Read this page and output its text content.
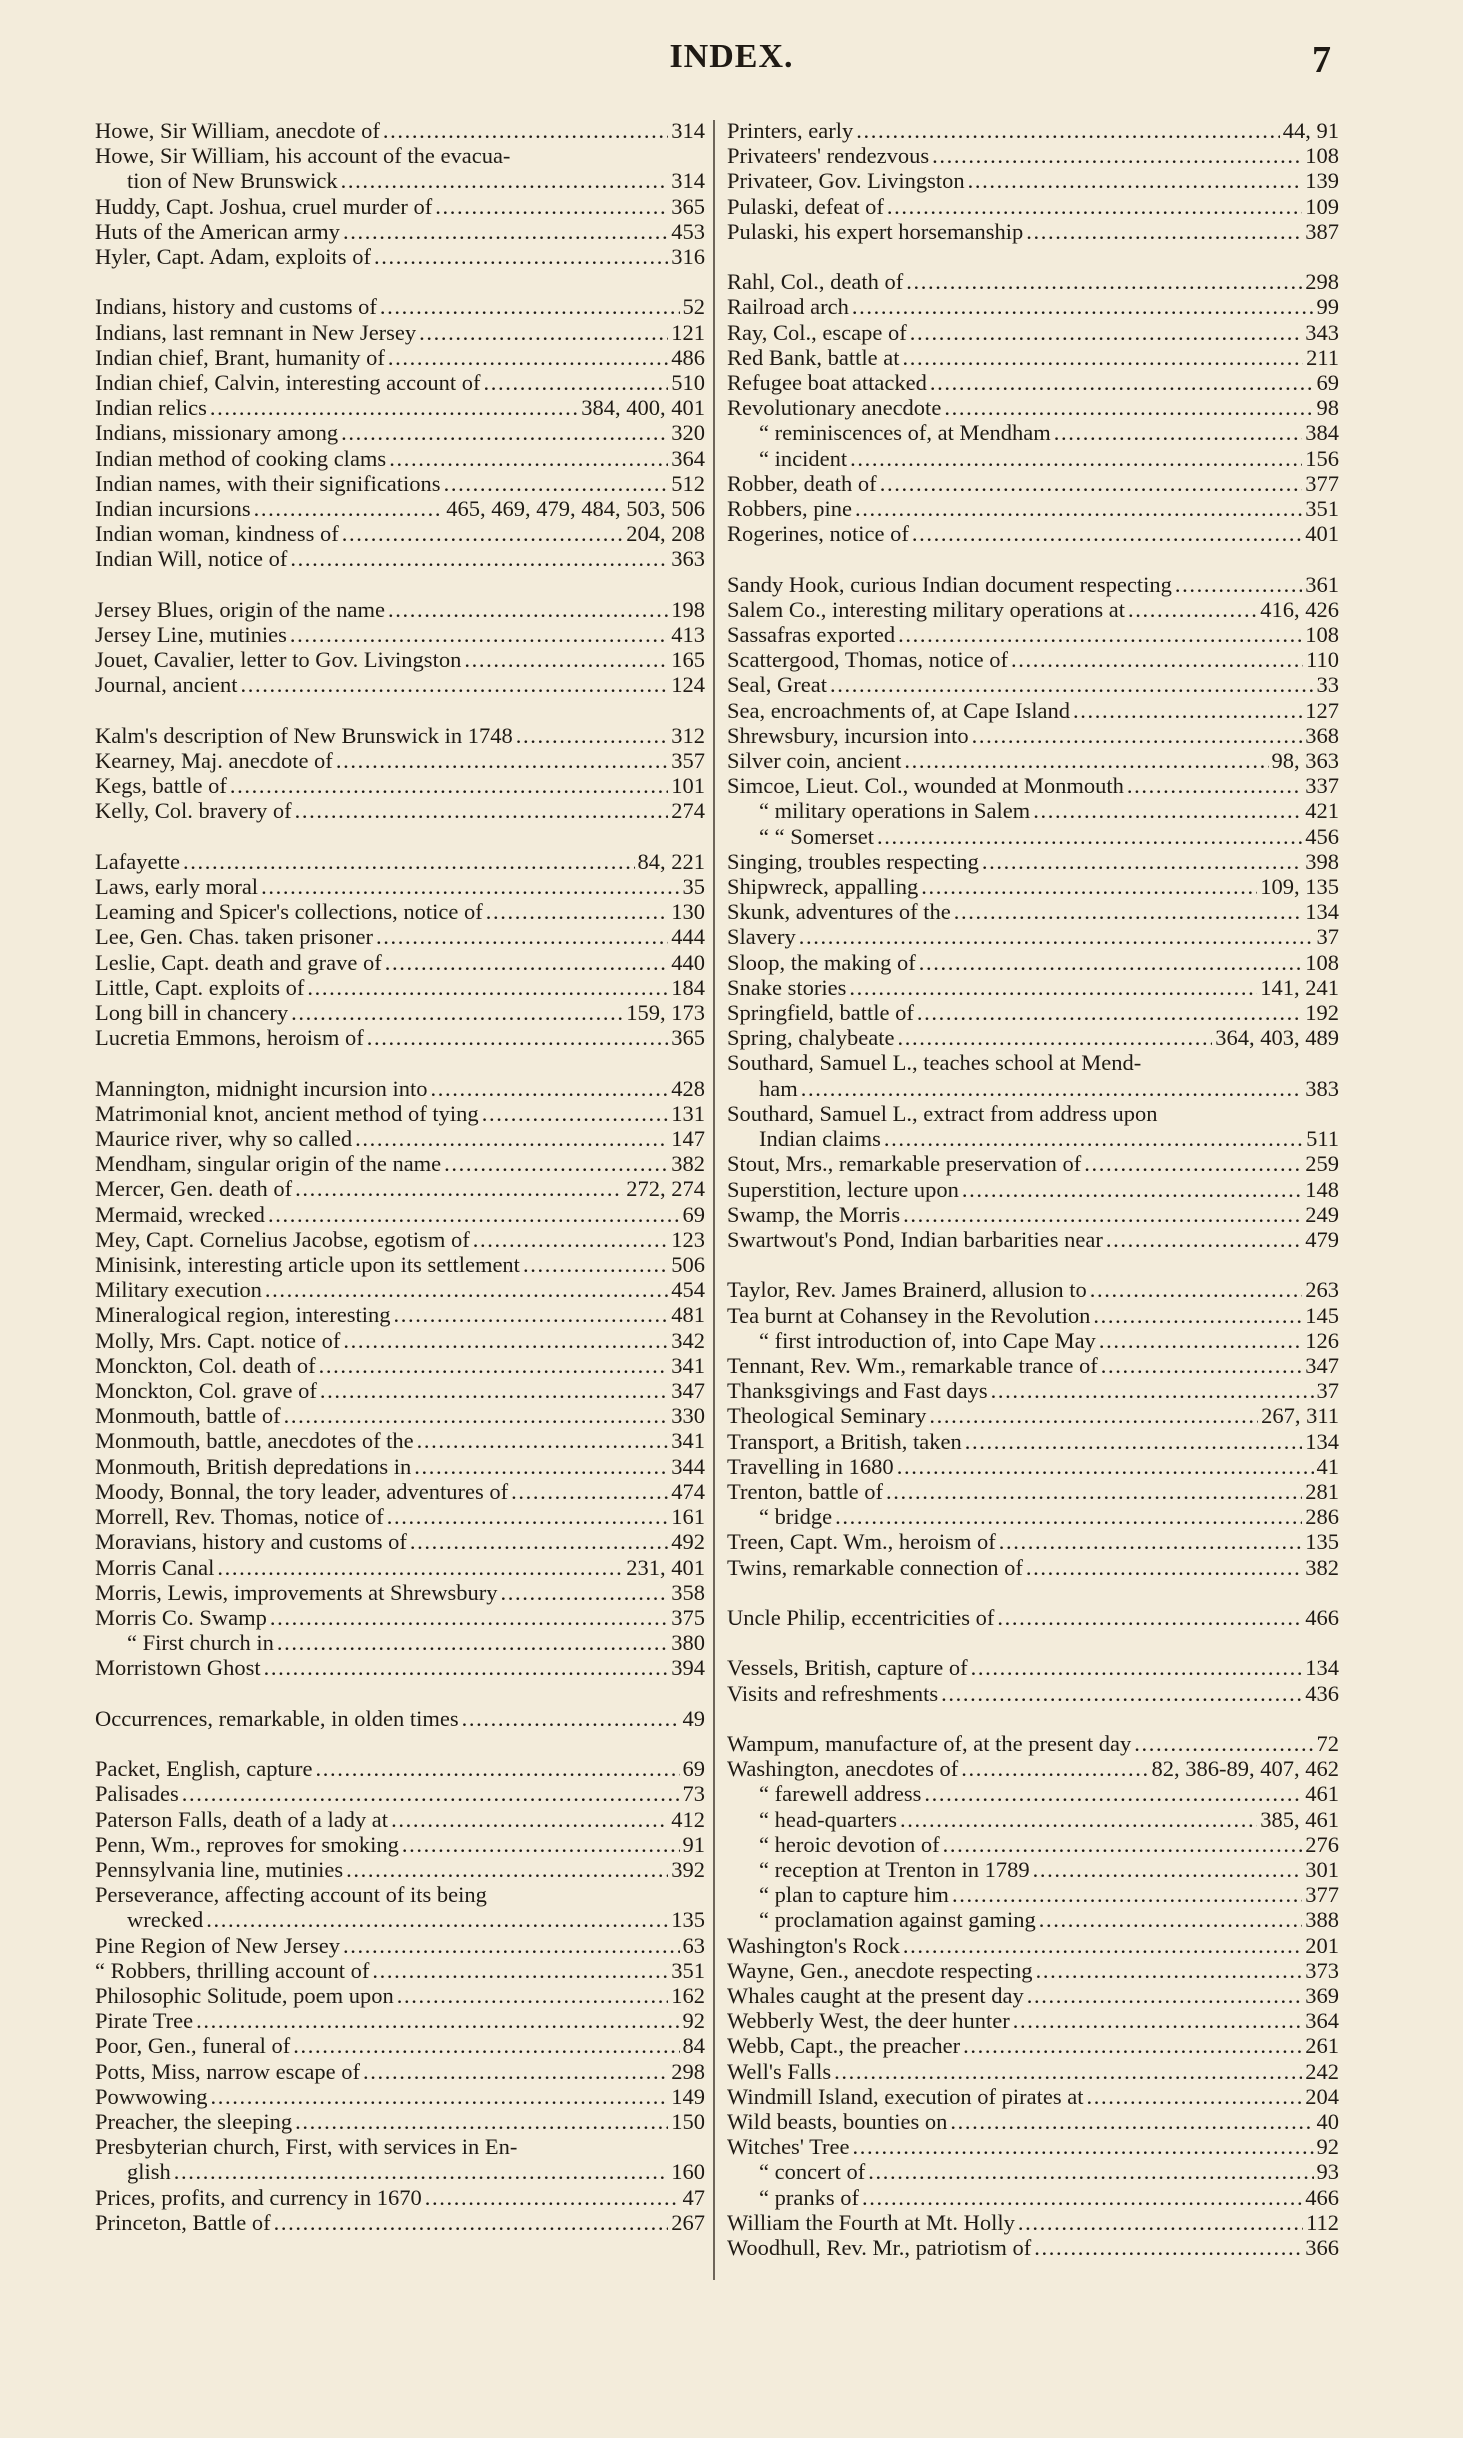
INDEX.	7
Howe, Sir William, anecdote of . . .	314
Howe, Sir William, his account of the evacua-
tion of New Brunswick . . .	314
Huddy, Capt. Joshua, cruel murder of . . .	365
Huts of the American army . . .	453
Hyler, Capt. Adam, exploits of . . .	316
Indians, history and customs of . . .	52
Indians, last remnant in New Jersey . . .	121
Indian chief, Brant, humanity of . . .	486
Indian chief, Calvin, interesting account of . . .	510
Indian relics . . .	384, 400, 401
Indians, missionary among . . .	320
Indian method of cooking clams . . .	364
Indian names, with their significations . . .	512
Indian incursions . . .	465, 469, 479, 484, 503, 506
Indian woman, kindness of . . .	204, 208
Indian Will, notice of . . .	363
Jersey Blues, origin of the name . . .	198
Jersey Line, mutinies . . .	413
Jouet, Cavalier, letter to Gov. Livingston . . .	165
Journal, ancient . . .	124
Kalm's description of New Brunswick in 1748 . . .	312
Kearney, Maj. anecdote of . . .	357
Kegs, battle of . . .	101
Kelly, Col. bravery of . . .	274
Lafayette . . .	84, 221
Laws, early moral . . .	35
Leaming and Spicer's collections, notice of . . .	130
Lee, Gen. Chas. taken prisoner . . .	444
Leslie, Capt. death and grave of . . .	440
Little, Capt. exploits of . . .	184
Long bill in chancery . . .	159, 173
Lucretia Emmons, heroism of . . .	365
Mannington, midnight incursion into . . .	428
Matrimonial knot, ancient method of tying . . .	131
Maurice river, why so called . . .	147
Mendham, singular origin of the name . . .	382
Mercer, Gen. death of . . .	272, 274
Mermaid, wrecked . . .	69
Mey, Capt. Cornelius Jacobse, egotism of . . .	123
Minisink, interesting article upon its settlement . . .	506
Military execution . . .	454
Mineralogical region, interesting . . .	481
Molly, Mrs. Capt. notice of . . .	342
Monckton, Col. death of . . .	341
Monckton, Col. grave of . . .	347
Monmouth, battle of . . .	330
Monmouth, battle, anecdotes of the . . .	341
Monmouth, British depredations in . . .	344
Moody, Bonnal, the tory leader, adventures of . . .	474
Morrell, Rev. Thomas, notice of . . .	161
Moravians, history and customs of . . .	492
Morris Canal . . .	231, 401
Morris, Lewis, improvements at Shrewsbury . . .	358
Morris Co. Swamp . . .	375
“ First church in . . .	380
Morristown Ghost . . .	394
Occurrences, remarkable, in olden times . . .	49
Packet, English, capture . . .	69
Palisades . . .	73
Paterson Falls, death of a lady at . . .	412
Penn, Wm., reproves for smoking . . .	91
Pennsylvania line, mutinies . . .	392
Perseverance, affecting account of its being
wrecked . . .	135
Pine Region of New Jersey . . .	63
“ Robbers, thrilling account of . . .	351
Philosophic Solitude, poem upon . . .	162
Pirate Tree . . .	92
Poor, Gen., funeral of . . .	84
Potts, Miss, narrow escape of . . .	298
Powwowing . . .	149
Preacher, the sleeping . . .	150
Presbyterian church, First, with services in En-
glish . . .	160
Prices, profits, and currency in 1670 . . .	47
Princeton, Battle of . . .	267
Printers, early . . .	44, 91
Privateers' rendezvous . . .	108
Privateer, Gov. Livingston . . .	139
Pulaski, defeat of . . .	109
Pulaski, his expert horsemanship . . .	387
Rahl, Col., death of . . .	298
Railroad arch . . .	99
Ray, Col., escape of . . .	343
Red Bank, battle at . . .	211
Refugee boat attacked . . .	69
Revolutionary anecdote . . .	98
“ reminiscences of, at Mendham . . .	384
“ incident . . .	156
Robber, death of . . .	377
Robbers, pine . . .	351
Rogerines, notice of . . .	401
Sandy Hook, curious Indian document respecting . . .	361
Salem Co., interesting military operations at . . .	416, 426
Sassafras exported . . .	108
Scattergood, Thomas, notice of . . .	110
Seal, Great . . .	33
Sea, encroachments of, at Cape Island . . .	127
Shrewsbury, incursion into . . .	368
Silver coin, ancient . . .	98, 363
Simcoe, Lieut. Col., wounded at Monmouth . . .	337
“ military operations in Salem . . .	421
“ “ Somerset . . .	456
Singing, troubles respecting . . .	398
Shipwreck, appalling . . .	109, 135
Skunk, adventures of the . . .	134
Slavery . . .	37
Sloop, the making of . . .	108
Snake stories . . .	141, 241
Springfield, battle of . . .	192
Spring, chalybeate . . .	364, 403, 489
Southard, Samuel L., teaches school at Mend-
ham . . .	383
Southard, Samuel L., extract from address upon
Indian claims . . .	511
Stout, Mrs., remarkable preservation of . . .	259
Superstition, lecture upon . . .	148
Swamp, the Morris . . .	249
Swartwout's Pond, Indian barbarities near . . .	479
Taylor, Rev. James Brainerd, allusion to . . .	263
Tea burnt at Cohansey in the Revolution . . .	145
“ first introduction of, into Cape May . . .	126
Tennant, Rev. Wm., remarkable trance of . . .	347
Thanksgivings and Fast days . . .	37
Theological Seminary . . .	267, 311
Transport, a British, taken . . .	134
Travelling in 1680 . . .	41
Trenton, battle of . . .	281
“ bridge . . .	286
Treen, Capt. Wm., heroism of . . .	135
Twins, remarkable connection of . . .	382
Uncle Philip, eccentricities of . . .	466
Vessels, British, capture of . . .	134
Visits and refreshments . . .	436
Wampum, manufacture of, at the present day . . .	72
Washington, anecdotes of . . .	82, 386-89, 407, 462
“ farewell address . . .	461
“ head-quarters . . .	385, 461
“ heroic devotion of . . .	276
“ reception at Trenton in 1789 . . .	301
“ plan to capture him . . .	377
“ proclamation against gaming . . .	388
Washington's Rock . . .	201
Wayne, Gen., anecdote respecting . . .	373
Whales caught at the present day . . .	369
Webberly West, the deer hunter . . .	364
Webb, Capt., the preacher . . .	261
Well's Falls . . .	242
Windmill Island, execution of pirates at . . .	204
Wild beasts, bounties on . . .	40
Witches' Tree . . .	92
“ concert of . . .	93
“ pranks of . . .	466
William the Fourth at Mt. Holly . . .	112
Woodhull, Rev. Mr., patriotism of . . .	366
